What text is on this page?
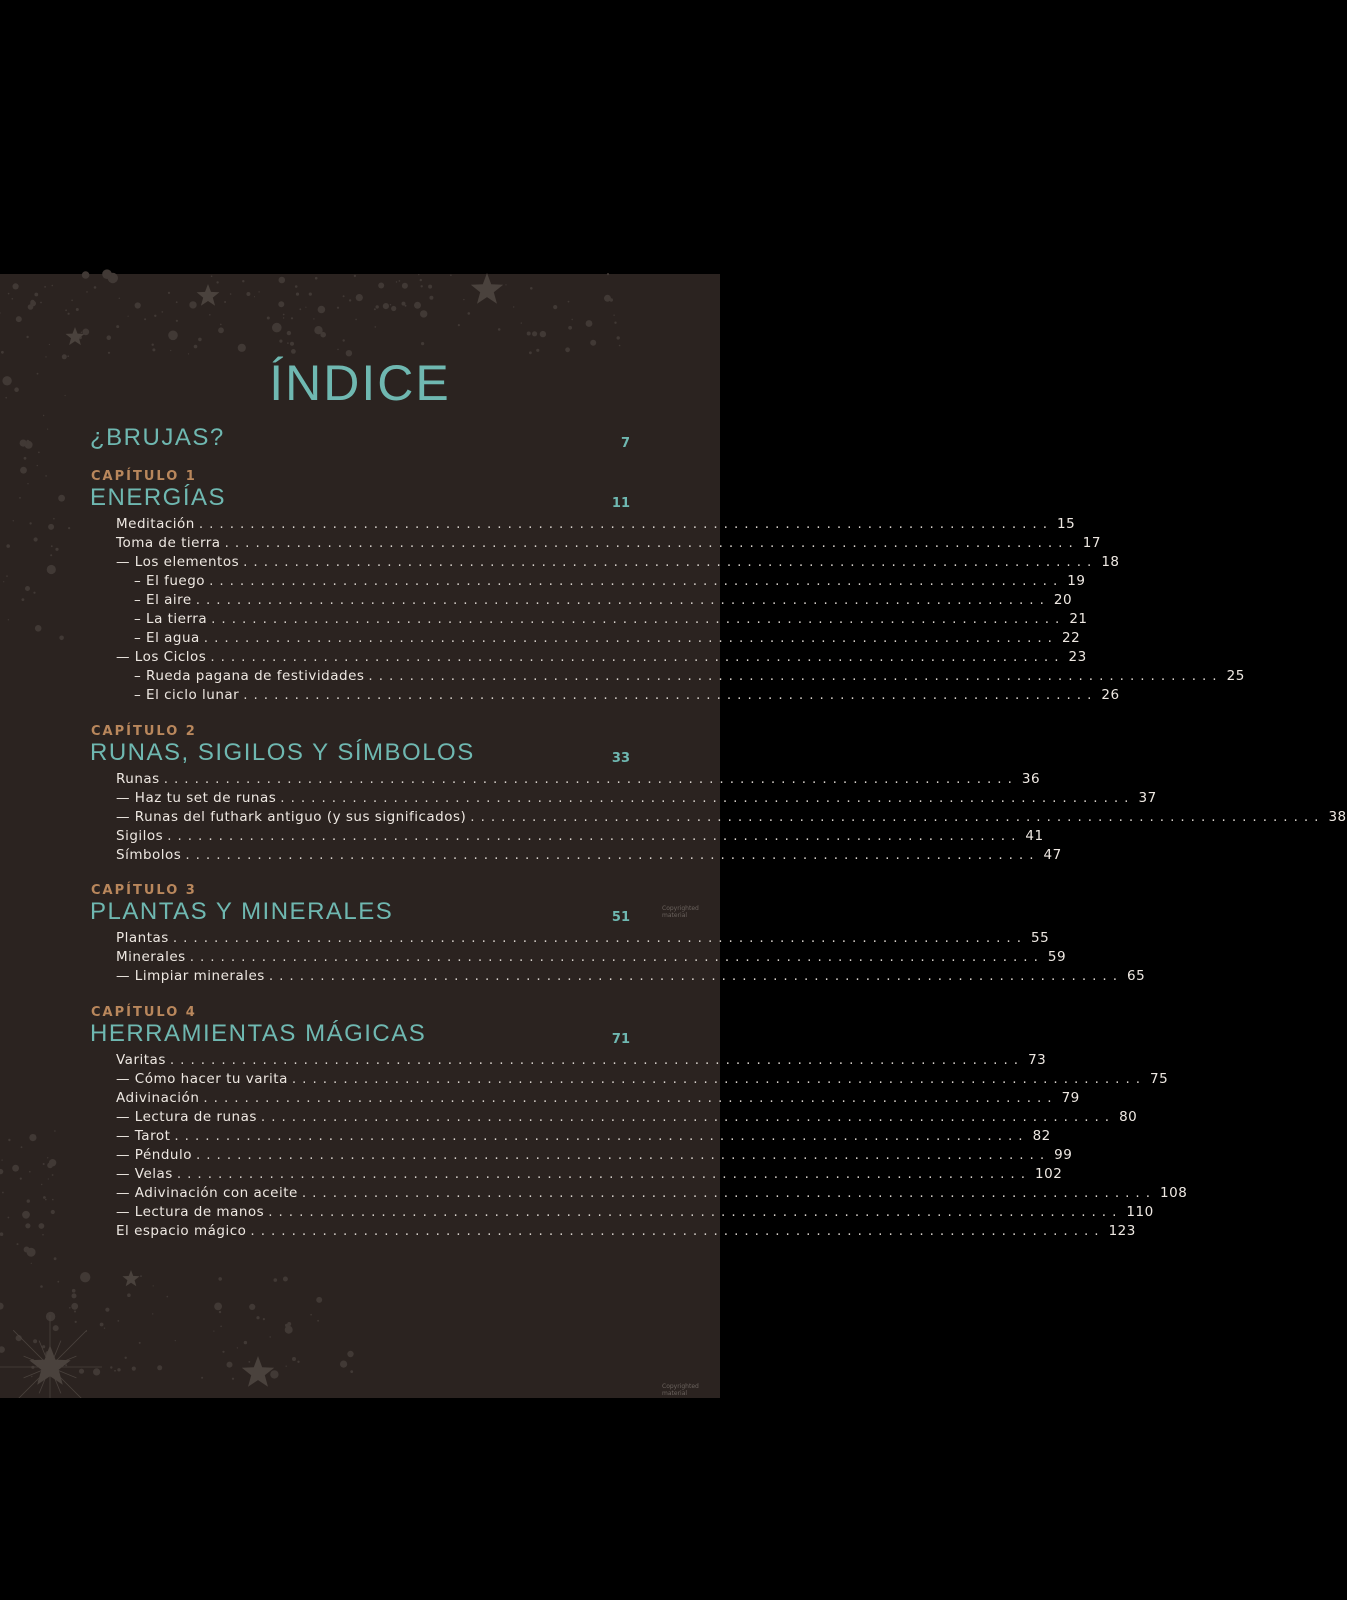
ÍNDICE
¿BRUJAS?	7
CAPÍTULO 1
ENERGÍAS	11
CAPÍTULO 2
RUNAS, SIGILOS Y SÍMBOLOS	33
CAPÍTULO 3
PLANTAS Y MINERALES	51
CAPÍTULO 4
HERRAMIENTAS MÁGICAS	71
Meditación ................................................................................... 15
Toma de tierra ................................................................................... 17
— Los elementos ................................................................................... 18
– El fuego ................................................................................... 19
– El aire ................................................................................... 20
– La tierra ................................................................................... 21
– El agua ................................................................................... 22
— Los Ciclos ................................................................................... 23
– Rueda pagana de festividades ................................................................................... 25
– El ciclo lunar ................................................................................... 26
Runas ................................................................................... 36
— Haz tu set de runas ................................................................................... 37
— Runas del futhark antiguo (y sus significados) ................................................................................... 38
Sigilos ................................................................................... 41
Símbolos ................................................................................... 47
Plantas ................................................................................... 55
Minerales ................................................................................... 59
— Limpiar minerales ................................................................................... 65
Varitas ................................................................................... 73
— Cómo hacer tu varita ................................................................................... 75
Adivinación ................................................................................... 79
— Lectura de runas ................................................................................... 80
— Tarot ................................................................................... 82
— Péndulo ................................................................................... 99
— Velas ................................................................................... 102
— Adivinación con aceite ................................................................................... 108
— Lectura de manos ................................................................................... 110
El espacio mágico ................................................................................... 123
Copyrighted material
Copyrighted material
